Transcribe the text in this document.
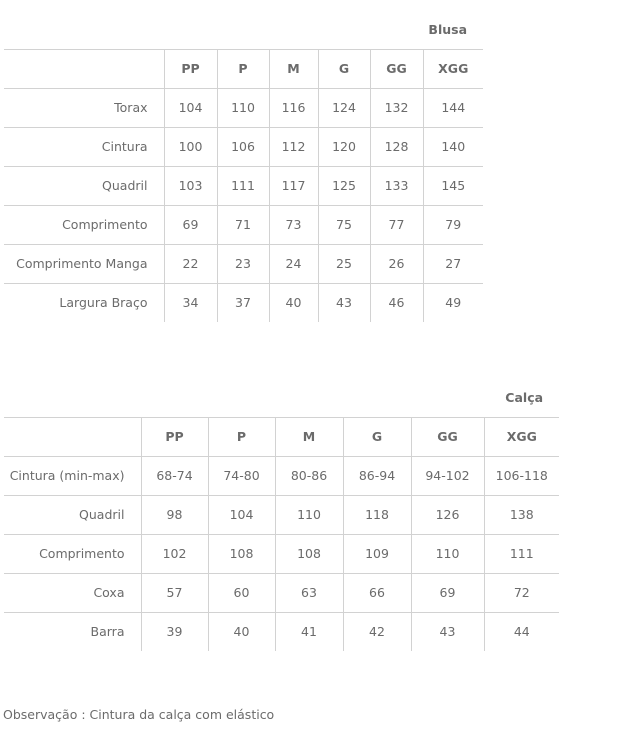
Blusa						
	PP	P	M	G	GG	XGG
Torax	104	110	116	124	132	144
Cintura	100	106	112	120	128	140
Quadril	103	111	117	125	133	145
Comprimento	69	71	73	75	77	79
Comprimento Manga	22	23	24	25	26	27
Largura Braço	34	37	40	43	46	49
Calça						
	PP	P	M	G	GG	XGG
Cintura (min-max)	68-74	74-80	80-86	86-94	94-102	106-118
Quadril	98	104	110	118	126	138
Comprimento	102	108	108	109	110	111
Coxa	57	60	63	66	69	72
Barra	39	40	41	42	43	44
Observação : Cintura da calça com elástico
